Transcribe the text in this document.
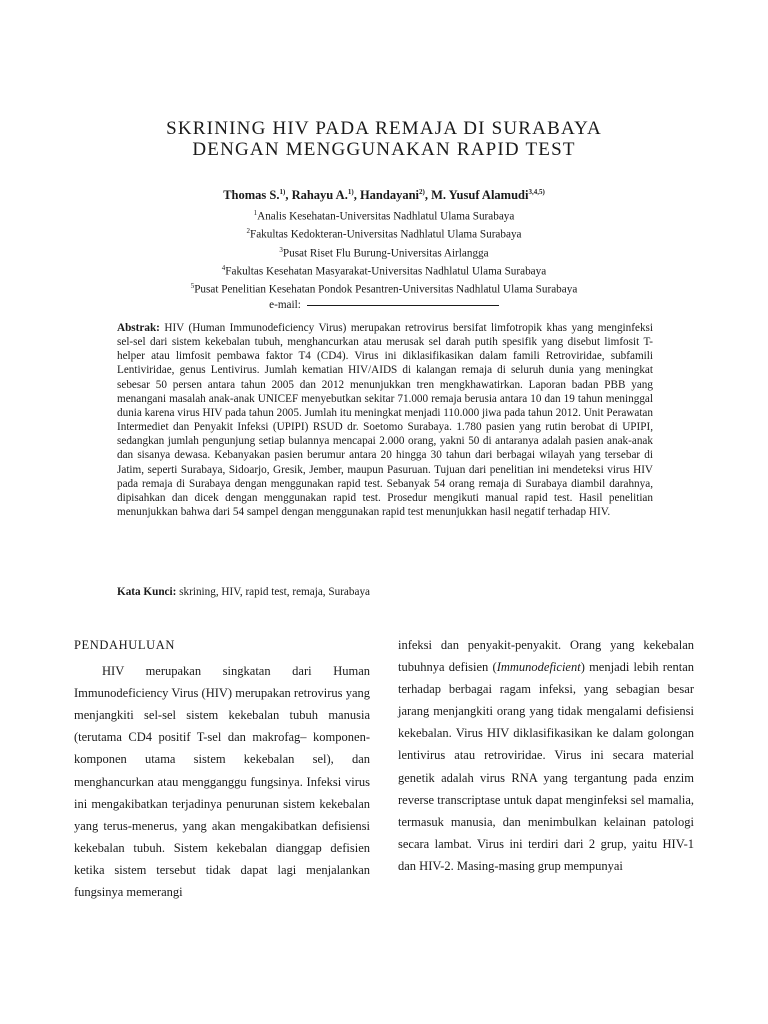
SKRINING HIV PADA REMAJA DI SURABAYA
DENGAN MENGGUNAKAN RAPID TEST

Thomas S.$^{1)}$, Rahayu A.$^{1)}$, Handayani$^{2)}$, M. Yusuf Alamudi$^{3,4,5)}$

$^1$Analis Kesehatan-Universitas Nadhlatul Ulama Surabaya
$^2$Fakultas Kedokteran-Universitas Nadhlatul Ulama Surabaya
$^3$Pusat Riset Flu Burung-Universitas Airlangga
$^4$Fakultas Kesehatan Masyarakat-Universitas Nadhlatul Ulama Surabaya
$^5$Pusat Penelitian Kesehatan Pondok Pesantren-Universitas Nadhlatul Ulama Surabaya
e-mail:

Abstrak: HIV (Human Immunodeficiency Virus) merupakan retrovirus bersifat limfotropik khas yang menginfeksi sel-sel dari sistem kekebalan tubuh, menghancurkan atau merusak sel darah putih spesifik yang disebut limfosit T-helper atau limfosit pembawa faktor T4 (CD4). Virus ini diklasifikasikan dalam famili Retroviridae, subfamili Lentiviridae, genus Lentivirus. Jumlah kematian HIV/AIDS di kalangan remaja di seluruh dunia yang meningkat sebesar 50 persen antara tahun 2005 dan 2012 menunjukkan tren mengkhawatirkan. Laporan badan PBB yang menangani masalah anak-anak UNICEF menyebutkan sekitar 71.000 remaja berusia antara 10 dan 19 tahun meninggal dunia karena virus HIV pada tahun 2005. Jumlah itu meningkat menjadi 110.000 jiwa pada tahun 2012. Unit Perawatan Intermediet dan Penyakit Infeksi (UPIPI) RSUD dr. Soetomo Surabaya. 1.780 pasien yang rutin berobat di UPIPI, sedangkan jumlah pengunjung setiap bulannya mencapai 2.000 orang, yakni 50 di antaranya adalah pasien anak-anak dan sisanya dewasa. Kebanyakan pasien berumur antara 20 hingga 30 tahun dari berbagai wilayah yang tersebar di Jatim, seperti Surabaya, Sidoarjo, Gresik, Jember, maupun Pasuruan. Tujuan dari penelitian ini mendeteksi virus HIV pada remaja di Surabaya dengan menggunakan rapid test. Sebanyak 54 orang remaja di Surabaya diambil darahnya, dipisahkan dan dicek dengan menggunakan rapid test. Prosedur mengikuti manual rapid test. Hasil penelitian menunjukkan bahwa dari 54 sampel dengan menggunakan rapid test menunjukkan hasil negatif terhadap HIV.

Kata Kunci: skrining, HIV, rapid test, remaja, Surabaya

PENDAHULUAN

HIV merupakan singkatan dari Human Immunodeficiency Virus (HIV) merupakan retrovirus yang menjangkiti sel-sel sistem kekebalan tubuh manusia (terutama CD4 positif T-sel dan makrofag– komponen-komponen utama sistem kekebalan sel), dan menghancurkan atau mengganggu fungsinya. Infeksi virus ini mengakibatkan terjadinya penurunan sistem kekebalan yang terus-menerus, yang akan mengakibatkan defisiensi kekebalan tubuh. Sistem kekebalan dianggap defisien ketika sistem tersebut tidak dapat lagi menjalankan fungsinya memerangi

infeksi dan penyakit-penyakit. Orang yang kekebalan tubuhnya defisien (Immunodeficient) menjadi lebih rentan terhadap berbagai ragam infeksi, yang sebagian besar jarang menjangkiti orang yang tidak mengalami defisiensi kekebalan. Virus HIV diklasifikasikan ke dalam golongan lentivirus atau retroviridae. Virus ini secara material genetik adalah virus RNA yang tergantung pada enzim reverse transcriptase untuk dapat menginfeksi sel mamalia, termasuk manusia, dan menimbulkan kelainan patologi secara lambat. Virus ini terdiri dari 2 grup, yaitu HIV-1 dan HIV-2. Masing-masing grup mempunyai
